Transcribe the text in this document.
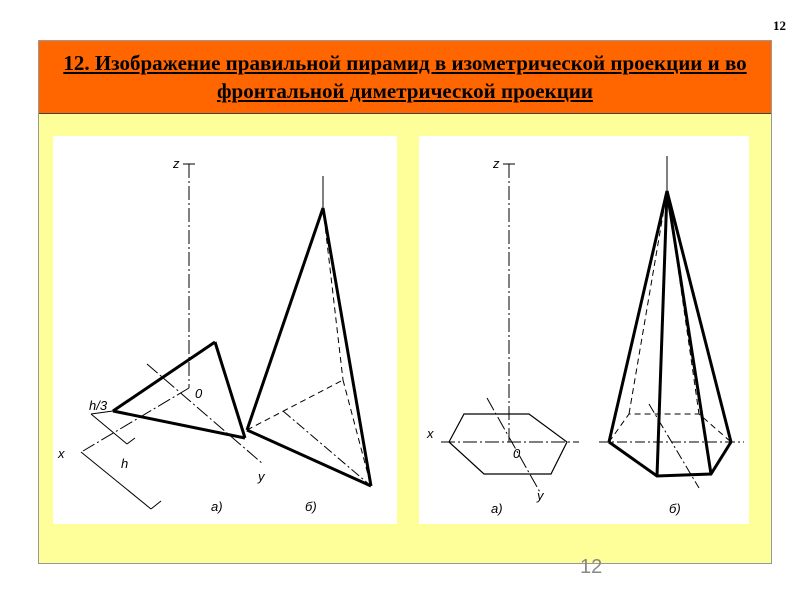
12
12. Изображение правильной пирамид в изометрической проекции и во фронтальной диметрической проекции
z
x
y
0
h/3
h
а)	б)
z
x
y
0
а)	б)
12
